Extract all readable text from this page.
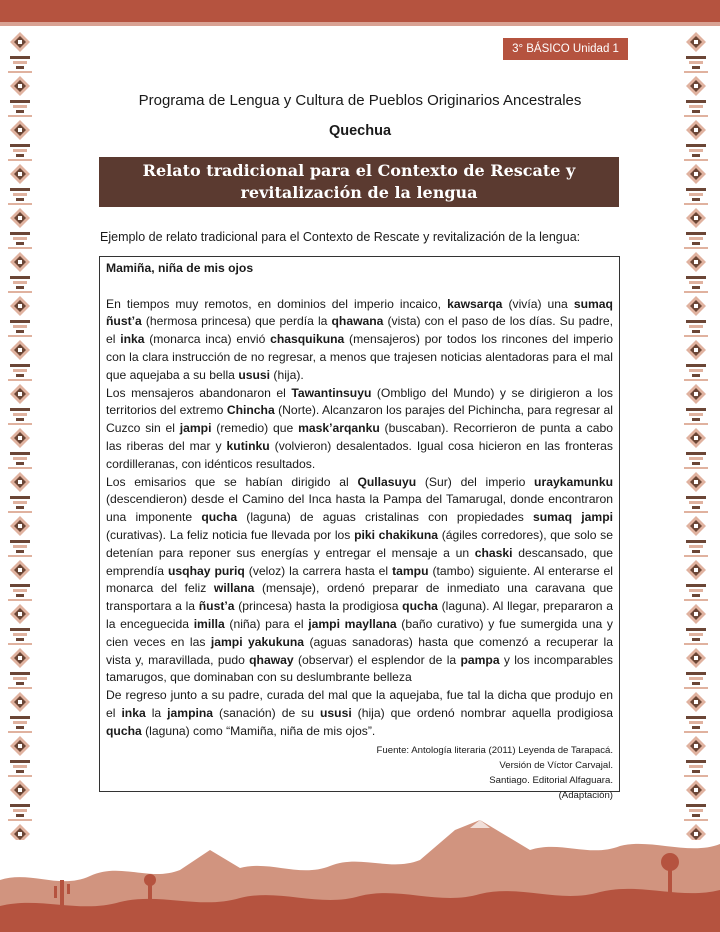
3° BÁSICO Unidad 1
Programa de Lengua y Cultura de Pueblos Originarios Ancestrales
Quechua
Relato tradicional para el Contexto de Rescate y revitalización de la lengua
Ejemplo de relato tradicional para el Contexto de Rescate y revitalización de la lengua:
Mamiña, niña de mis ojos

En tiempos muy remotos, en dominios del imperio incaico, kawsarqa (vivía) una sumaq ñust’a (hermosa princesa) que perdía la qhawana (vista) con el paso de los días. Su padre, el inka (monarca inca) envió chasquikuna (mensajeros) por todos los rincones del imperio con la clara instrucción de no regresar, a menos que trajesen noticias alentadoras para el mal que aquejaba a su bella ususi (hija).

Los mensajeros abandonaron el Tawantinsuyu (Ombligo del Mundo) y se dirigieron a los territorios del extremo Chincha (Norte). Alcanzaron los parajes del Pichincha, para regresar al Cuzco sin el jampi (remedio) que mask’arqanku (buscaban). Recorrieron de punta a cabo las riberas del mar y kutinku (volvieron) desalentados. Igual cosa hicieron en las fronteras cordilleranas, con idénticos resultados.

Los emisarios que se habían dirigido al Qullasuyu (Sur) del imperio uraykamunku (descendieron) desde el Camino del Inca hasta la Pampa del Tamarugal, donde encontraron una imponente qucha (laguna) de aguas cristalinas con propiedades sumaq jampi (curativas). La feliz noticia fue llevada por los piki chakikuna (ágiles corredores), que solo se detenían para reponer sus energías y entregar el mensaje a un chaski descansado, que emprendía usqhay puriq (veloz) la carrera hasta el tampu (tambo) siguiente. Al enterarse el monarca del feliz willana (mensaje), ordenó preparar de inmediato una caravana que transportara a la ñust’a (princesa) hasta la prodigiosa qucha (laguna). Al llegar, prepararon a la enceguecida imilla (niña) para el jampi mayllana (baño curativo) y fue sumergida una y cien veces en las jampi yakukuna (aguas sanadoras) hasta que comenzó a recuperar la vista y, maravillada, pudo qhaway (observar) el esplendor de la pampa y los incomparables tamarugos, que dominaban con su deslumbrante belleza

De regreso junto a su padre, curada del mal que la aquejaba, fue tal la dicha que produjo en el inka la jampina (sanación) de su ususi (hija) que ordenó nombrar aquella prodigiosa qucha (laguna) como “Mamiña, niña de mis ojos”.

Fuente: Antología literaria (2011) Leyenda de Tarapacá.
Versión de Víctor Carvajal.
Santiago. Editorial Alfaguara.
(Adaptación)
